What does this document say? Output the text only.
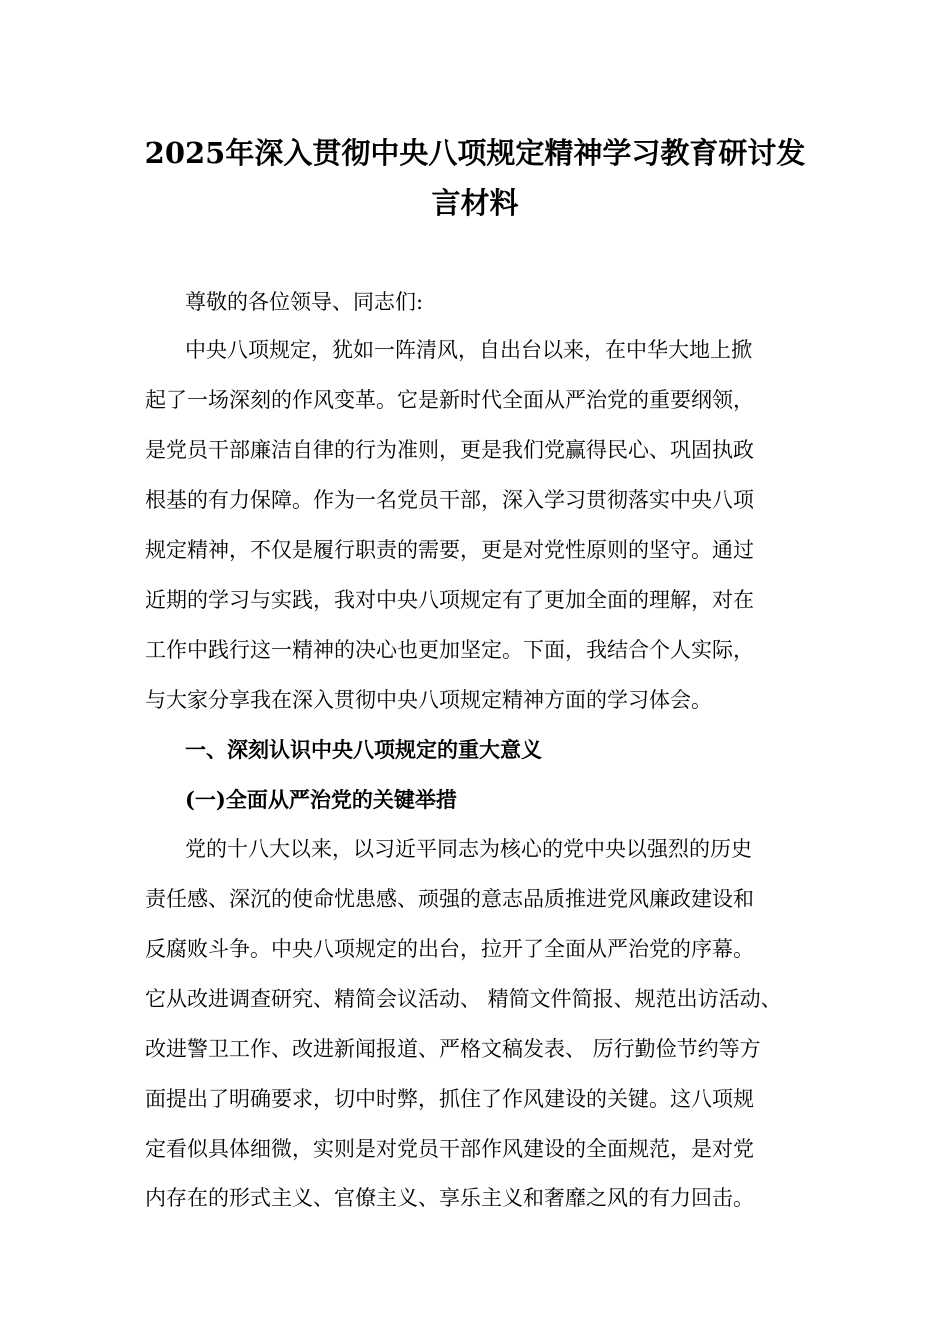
2025年深入贯彻中央八项规定精神学习教育研讨发
言材料
尊敬的各位领导、同志们:
中央八项规定，犹如一阵清风，自出台以来，在中华大地上掀
起了一场深刻的作风变革。它是新时代全面从严治党的重要纲领，
是党员干部廉洁自律的行为准则，更是我们党赢得民心、巩固执政
根基的有力保障。作为一名党员干部，深入学习贯彻落实中央八项
规定精神，不仅是履行职责的需要，更是对党性原则的坚守。通过
近期的学习与实践，我对中央八项规定有了更加全面的理解，对在
工作中践行这一精神的决心也更加坚定。下面，我结合个人实际，
与大家分享我在深入贯彻中央八项规定精神方面的学习体会。
一、深刻认识中央八项规定的重大意义
(一)全面从严治党的关键举措
党的十八大以来，以习近平同志为核心的党中央以强烈的历史
责任感、深沉的使命忧患感、顽强的意志品质推进党风廉政建设和
反腐败斗争。中央八项规定的出台，拉开了全面从严治党的序幕。
它从改进调查研究、精简会议活动、 精简文件简报、规范出访活动、
改进警卫工作、改进新闻报道、严格文稿发表、 厉行勤俭节约等方
面提出了明确要求，切中时弊，抓住了作风建设的关键。这八项规
定看似具体细微，实则是对党员干部作风建设的全面规范，是对党
内存在的形式主义、官僚主义、享乐主义和奢靡之风的有力回击。
